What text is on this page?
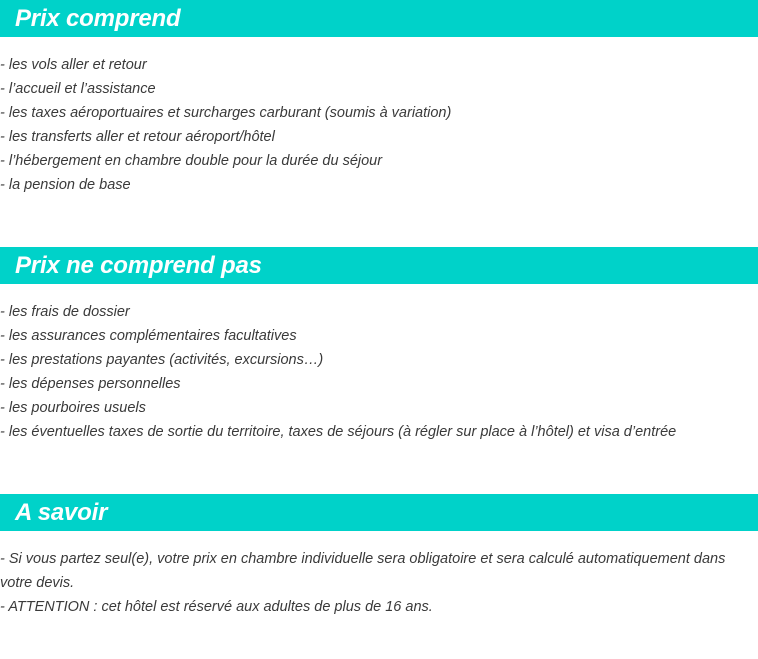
Prix comprend
- les vols aller et retour
- l’accueil et l’assistance
- les taxes aéroportuaires et surcharges carburant (soumis à variation)
- les transferts aller et retour aéroport/hôtel
- l’hébergement en chambre double pour la durée du séjour
- la pension de base
Prix ne comprend pas
- les frais de dossier
- les assurances complémentaires facultatives
- les prestations payantes (activités, excursions…)
- les dépenses personnelles
- les pourboires usuels
- les éventuelles taxes de sortie du territoire, taxes de séjours (à régler sur place à l’hôtel) et visa d’entrée
A savoir

- Si vous partez seul(e), votre prix en chambre individuelle sera obligatoire et sera calculé automatiquement dans votre devis.

- ATTENTION : cet hôtel est réservé aux adultes de plus de 16 ans.
